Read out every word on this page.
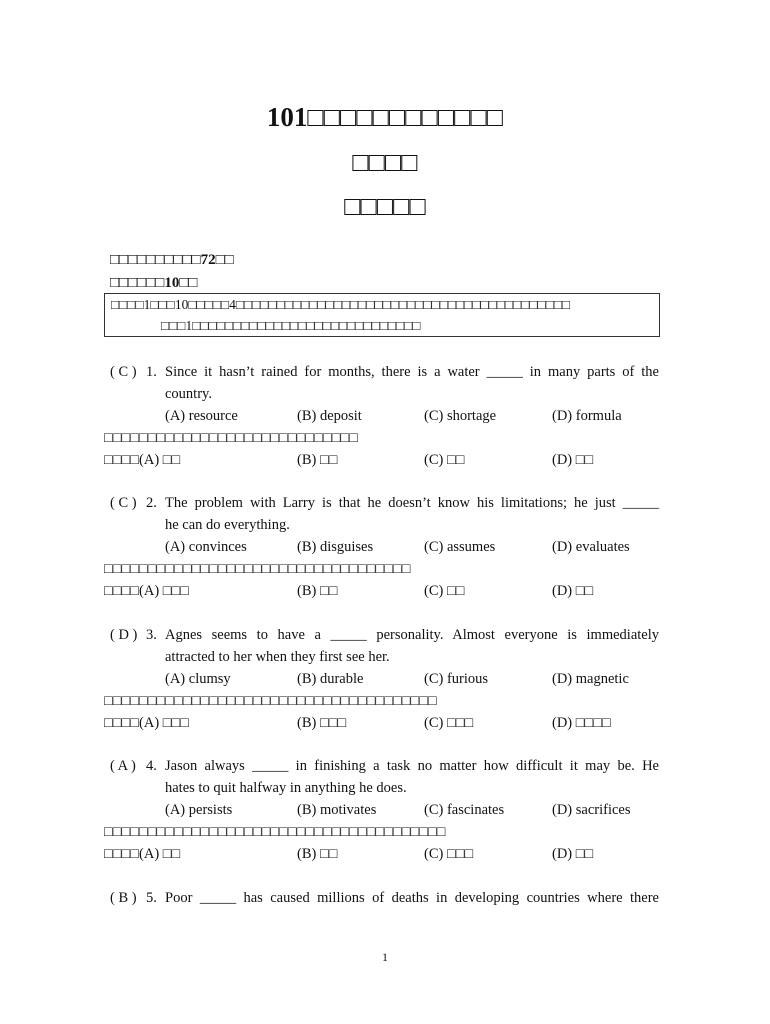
101□□□□□□□□□□□□
□□□□
□□□□□
□□□□□□□□□□72□□
□□□□□□10□□
□□□□1□□□10□□□□□4□□□□□□□□□□□□□□□□□□□□□□□□□□□□□□□□□□□□□□□□□
□□□1□□□□□□□□□□□□□□□□□□□□□□□□□□□□
( C ) 1. Since it hasn’t rained for months, there is a water _____ in many parts of the
country.
(A) resource	(B) deposit	(C) shortage	(D) formula
□□□□□□□□□□□□□□□□□□□□□□□□□□□□□
□□□□(A) □□	(B) □□	(C) □□	(D) □□
( C ) 2. The problem with Larry is that he doesn’t know his limitations; he just _____
he can do everything.
(A) convinces	(B) disguises	(C) assumes	(D) evaluates
□□□□□□□□□□□□□□□□□□□□□□□□□□□□□□□□□□□
□□□□(A) □□□	(B) □□	(C) □□	(D) □□
( D ) 3. Agnes seems to have a _____ personality. Almost everyone is immediately
attracted to her when they first see her.
(A) clumsy	(B) durable	(C) furious	(D) magnetic
□□□□□□□□□□□□□□□□□□□□□□□□□□□□□□□□□□□□□□
□□□□(A) □□□	(B) □□□	(C) □□□	(D) □□□□
( A ) 4. Jason always _____ in finishing a task no matter how difficult it may be. He
hates to quit halfway in anything he does.
(A) persists	(B) motivates	(C) fascinates	(D) sacrifices
□□□□□□□□□□□□□□□□□□□□□□□□□□□□□□□□□□□□□□□
□□□□(A) □□	(B) □□	(C) □□□	(D) □□
( B ) 5. Poor _____ has caused millions of deaths in developing countries where there
1
